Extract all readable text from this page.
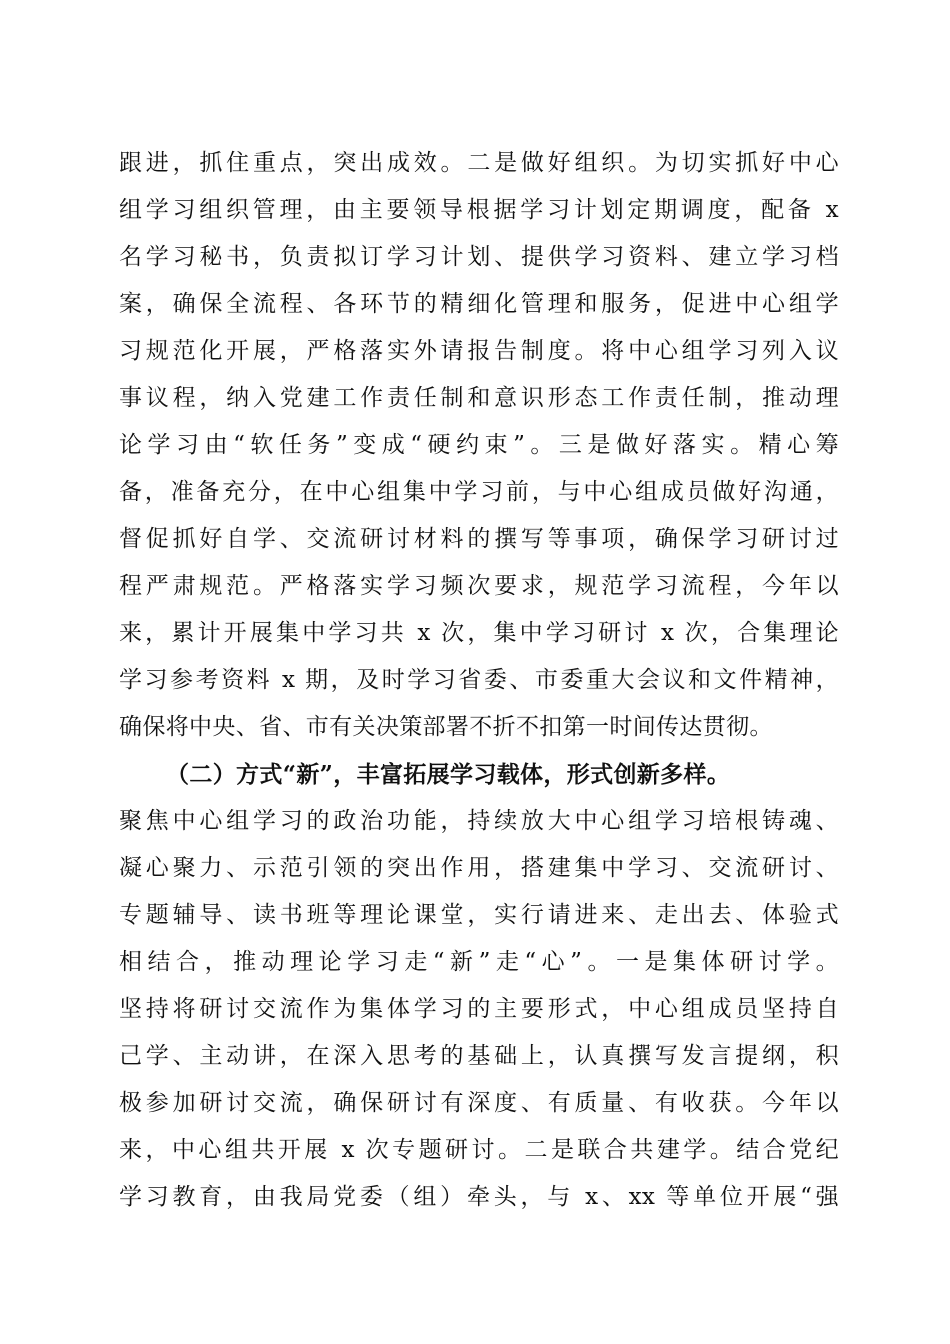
跟进，抓住重点，突出成效。二是做好组织。为切实抓好中心
组学习组织管理，由主要领导根据学习计划定期调度，配备 x
名学习秘书，负责拟订学习计划、提供学习资料、建立学习档
案，确保全流程、各环节的精细化管理和服务，促进中心组学
习规范化开展，严格落实外请报告制度。将中心组学习列入议
事议程，纳入党建工作责任制和意识形态工作责任制，推动理
论学习由“软任务”变成“硬约束”。三是做好落实。精心筹
备，准备充分，在中心组集中学习前，与中心组成员做好沟通，
督促抓好自学、交流研讨材料的撰写等事项，确保学习研讨过
程严肃规范。严格落实学习频次要求，规范学习流程，今年以
来，累计开展集中学习共 x 次，集中学习研讨 x 次，合集理论
学习参考资料 x 期，及时学习省委、市委重大会议和文件精神，
确保将中央、省、市有关决策部署不折不扣第一时间传达贯彻。
（二）方式“新”，丰富拓展学习载体，形式创新多样。
聚焦中心组学习的政治功能，持续放大中心组学习培根铸魂、
凝心聚力、示范引领的突出作用，搭建集中学习、交流研讨、
专题辅导、读书班等理论课堂，实行请进来、走出去、体验式
相结合，推动理论学习走“新”走“心”。一是集体研讨学。
坚持将研讨交流作为集体学习的主要形式，中心组成员坚持自
己学、主动讲，在深入思考的基础上，认真撰写发言提纲，积
极参加研讨交流，确保研讨有深度、有质量、有收获。今年以
来，中心组共开展 x 次专题研讨。二是联合共建学。结合党纪
学习教育，由我局党委（组）牵头，与 x、xx 等单位开展“强
